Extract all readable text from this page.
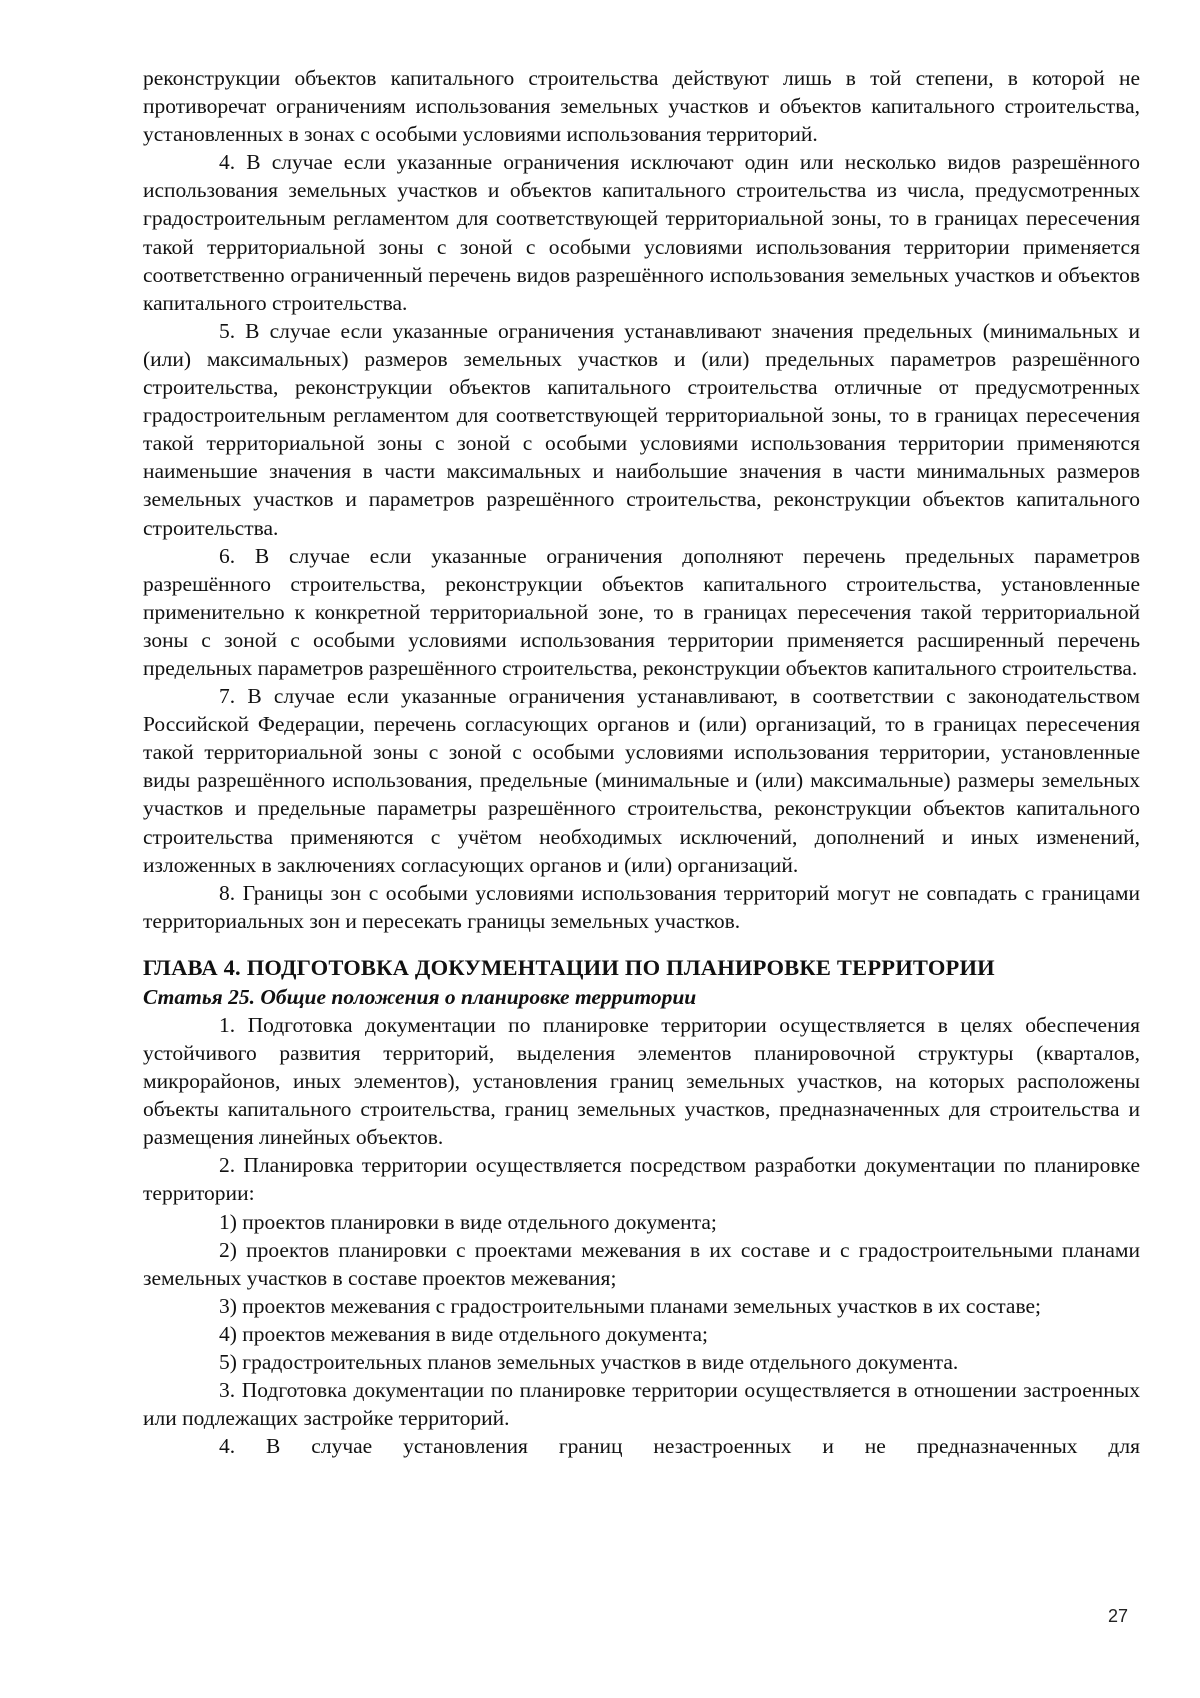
реконструкции объектов капитального строительства действуют лишь в той степени, в которой не противоречат ограничениям использования земельных участков и объектов капитального строительства, установленных в зонах с особыми условиями использования территорий.

4. В случае если указанные ограничения исключают один или несколько видов разрешённого использования земельных участков и объектов капитального строительства из числа, предусмотренных градостроительным регламентом для соответствующей территориальной зоны, то в границах пересечения такой территориальной зоны с зоной с особыми условиями использования территории применяется соответственно ограниченный перечень видов разрешённого использования земельных участков и объектов капитального строительства.

5. В случае если указанные ограничения устанавливают значения предельных (минимальных и (или) максимальных) размеров земельных участков и (или) предельных параметров разрешённого строительства, реконструкции объектов капитального строительства отличные от предусмотренных градостроительным регламентом для соответствующей территориальной зоны, то в границах пересечения такой территориальной зоны с зоной с особыми условиями использования территории применяются наименьшие значения в части максимальных и наибольшие значения в части минимальных размеров земельных участков и параметров разрешённого строительства, реконструкции объектов капитального строительства.

6. В случае если указанные ограничения дополняют перечень предельных параметров разрешённого строительства, реконструкции объектов капитального строительства, установленные применительно к конкретной территориальной зоне, то в границах пересечения такой территориальной зоны с зоной с особыми условиями использования территории применяется расширенный перечень предельных параметров разрешённого строительства, реконструкции объектов капитального строительства.

7. В случае если указанные ограничения устанавливают, в соответствии с законодательством Российской Федерации, перечень согласующих органов и (или) организаций, то в границах пересечения такой территориальной зоны с зоной с особыми условиями использования территории, установленные виды разрешённого использования, предельные (минимальные и (или) максимальные) размеры земельных участков и предельные параметры разрешённого строительства, реконструкции объектов капитального строительства применяются с учётом необходимых исключений, дополнений и иных изменений, изложенных в заключениях согласующих органов и (или) организаций.

8. Границы зон с особыми условиями использования территорий могут не совпадать с границами территориальных зон и пересекать границы земельных участков.

ГЛАВА 4. ПОДГОТОВКА ДОКУМЕНТАЦИИ ПО ПЛАНИРОВКЕ ТЕРРИТОРИИ
Статья 25. Общие положения о планировке территории

1. Подготовка документации по планировке территории осуществляется в целях обеспечения устойчивого развития территорий, выделения элементов планировочной структуры (кварталов, микрорайонов, иных элементов), установления границ земельных участков, на которых расположены объекты капитального строительства, границ земельных участков, предназначенных для строительства и размещения линейных объектов.

2. Планировка территории осуществляется посредством разработки документации по планировке территории:

1) проектов планировки в виде отдельного документа;

2) проектов планировки с проектами межевания в их составе и с градостроительными планами земельных участков в составе проектов межевания;

3) проектов межевания с градостроительными планами земельных участков в их составе;

4) проектов межевания в виде отдельного документа;

5) градостроительных планов земельных участков в виде отдельного документа.

3. Подготовка документации по планировке территории осуществляется в отношении застроенных или подлежащих застройке территорий.

4. В случае установления границ незастроенных и не предназначенных для

27
